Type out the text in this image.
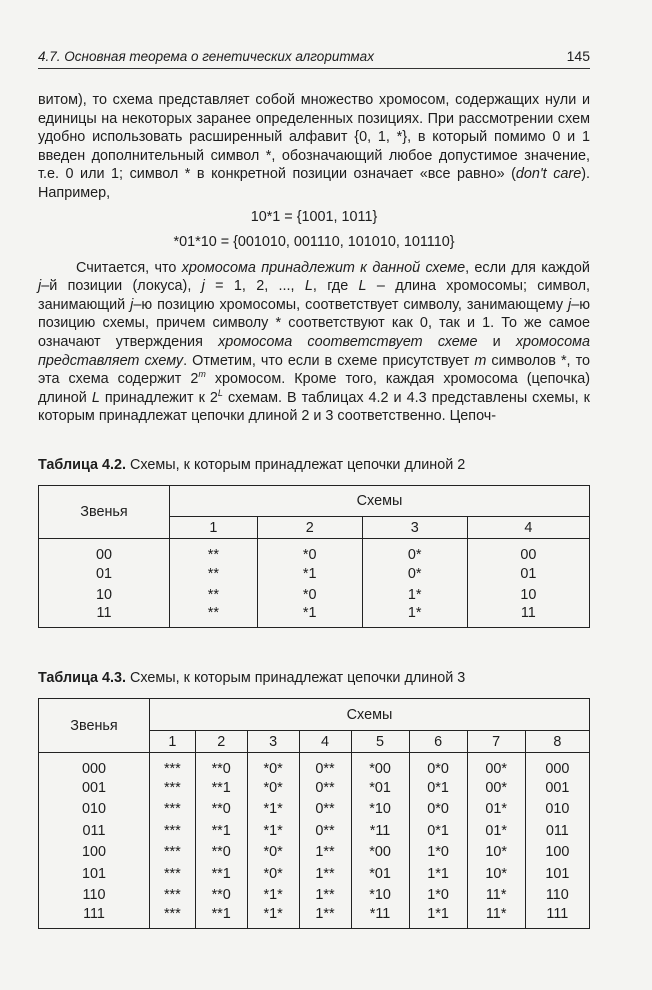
4.7. Основная теорема о генетических алгоритмах	145

витом), то схема представляет собой множество хромосом, содержащих нули и единицы на некоторых заранее определенных позициях. При рассмотрении схем удобно использовать расширенный алфавит {0, 1, *}, в который помимо 0 и 1 введен дополнительный символ *, обозначающий любое допустимое значение, т.е. 0 или 1; символ * в конкретной позиции означает «все равно» (don't care). Например,

10*1 = {1001, 1011}
*01*10 = {001010, 001110, 101010, 101110}

Считается, что хромосома принадлежит к данной схеме, если для каждой j–й позиции (локуса), j = 1, 2, ..., L, где L – длина хромосомы; символ, занимающий j–ю позицию хромосомы, соответствует символу, занимающему j–ю позицию схемы, причем символу * соответствуют как 0, так и 1. То же самое означают утверждения хромосома соответствует схеме и хромосома представляет схему. Отметим, что если в схеме присутствует m символов *, то эта схема содержит 2$^m$ хромосом. Кроме того, каждая хромосома (цепочка) длиной L принадлежит к $2^L$ схемам. В таблицах 4.2 и 4.3 представлены схемы, к которым принадлежат цепочки длиной 2 и 3 соответственно. Цепоч-

Таблица 4.2. Схемы, к которым принадлежат цепочки длиной 2

Звенья	Схемы			
	1	2	3	4
00	**	*0	0*	00
01	**	*1	0*	01
10	**	*0	1*	10
11	**	*1	1*	11

Таблица 4.3. Схемы, к которым принадлежат цепочки длиной 3

Звенья	Схемы							
	1	2	3	4	5	6	7	8
000	***	**0	*0*	0**	*00	0*0	00*	000
001	***	**1	*0*	0**	*01	0*1	00*	001
010	***	**0	*1*	0**	*10	0*0	01*	010
011	***	**1	*1*	0**	*11	0*1	01*	011
100	***	**0	*0*	1**	*00	1*0	10*	100
101	***	**1	*0*	1**	*01	1*1	10*	101
110	***	**0	*1*	1**	*10	1*0	11*	110
111	***	**1	*1*	1**	*11	1*1	11*	111
